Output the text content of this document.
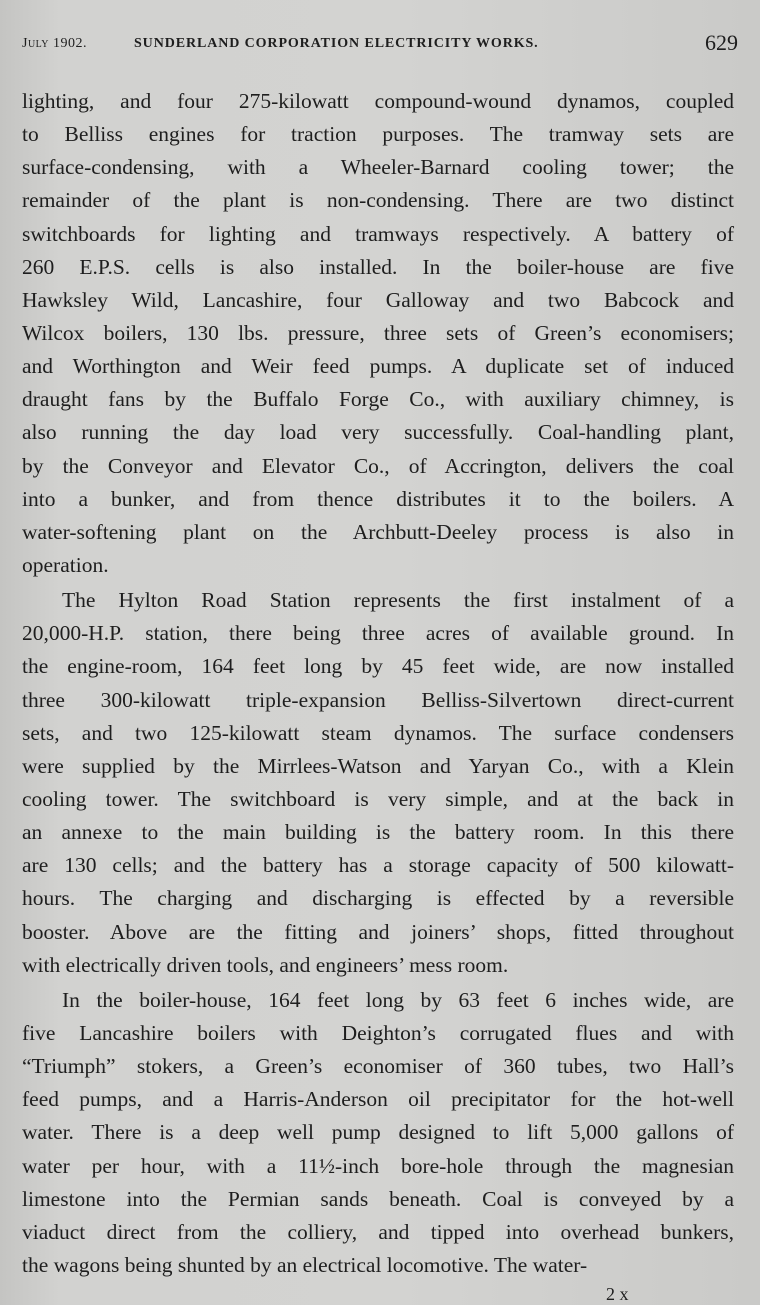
July 1902.	SUNDERLAND CORPORATION ELECTRICITY WORKS.	629
lighting, and four 275-kilowatt compound-wound dynamos, coupled
to Belliss engines for traction purposes. The tramway sets are
surface-condensing, with a Wheeler-Barnard cooling tower; the
remainder of the plant is non-condensing. There are two distinct
switchboards for lighting and tramways respectively. A battery of
260 E.P.S. cells is also installed. In the boiler-house are five
Hawksley Wild, Lancashire, four Galloway and two Babcock and
Wilcox boilers, 130 lbs. pressure, three sets of Green’s economisers;
and Worthington and Weir feed pumps. A duplicate set of induced
draught fans by the Buffalo Forge Co., with auxiliary chimney, is
also running the day load very successfully. Coal-handling plant,
by the Conveyor and Elevator Co., of Accrington, delivers the coal
into a bunker, and from thence distributes it to the boilers. A
water-softening plant on the Archbutt-Deeley process is also in
operation.
The Hylton Road Station represents the first instalment of a
20,000-H.P. station, there being three acres of available ground. In
the engine-room, 164 feet long by 45 feet wide, are now installed
three 300-kilowatt triple-expansion Belliss-Silvertown direct-current
sets, and two 125-kilowatt steam dynamos. The surface condensers
were supplied by the Mirrlees-Watson and Yaryan Co., with a Klein
cooling tower. The switchboard is very simple, and at the back in
an annexe to the main building is the battery room. In this there
are 130 cells; and the battery has a storage capacity of 500 kilowatt-
hours. The charging and discharging is effected by a reversible
booster. Above are the fitting and joiners’ shops, fitted throughout
with electrically driven tools, and engineers’ mess room.
In the boiler-house, 164 feet long by 63 feet 6 inches wide, are
five Lancashire boilers with Deighton’s corrugated flues and with
“Triumph” stokers, a Green’s economiser of 360 tubes, two Hall’s
feed pumps, and a Harris-Anderson oil precipitator for the hot-well
water. There is a deep well pump designed to lift 5,000 gallons of
water per hour, with a 11½-inch bore-hole through the magnesian
limestone into the Permian sands beneath. Coal is conveyed by a
viaduct direct from the colliery, and tipped into overhead bunkers,
the wagons being shunted by an electrical locomotive. The water-
2 x
